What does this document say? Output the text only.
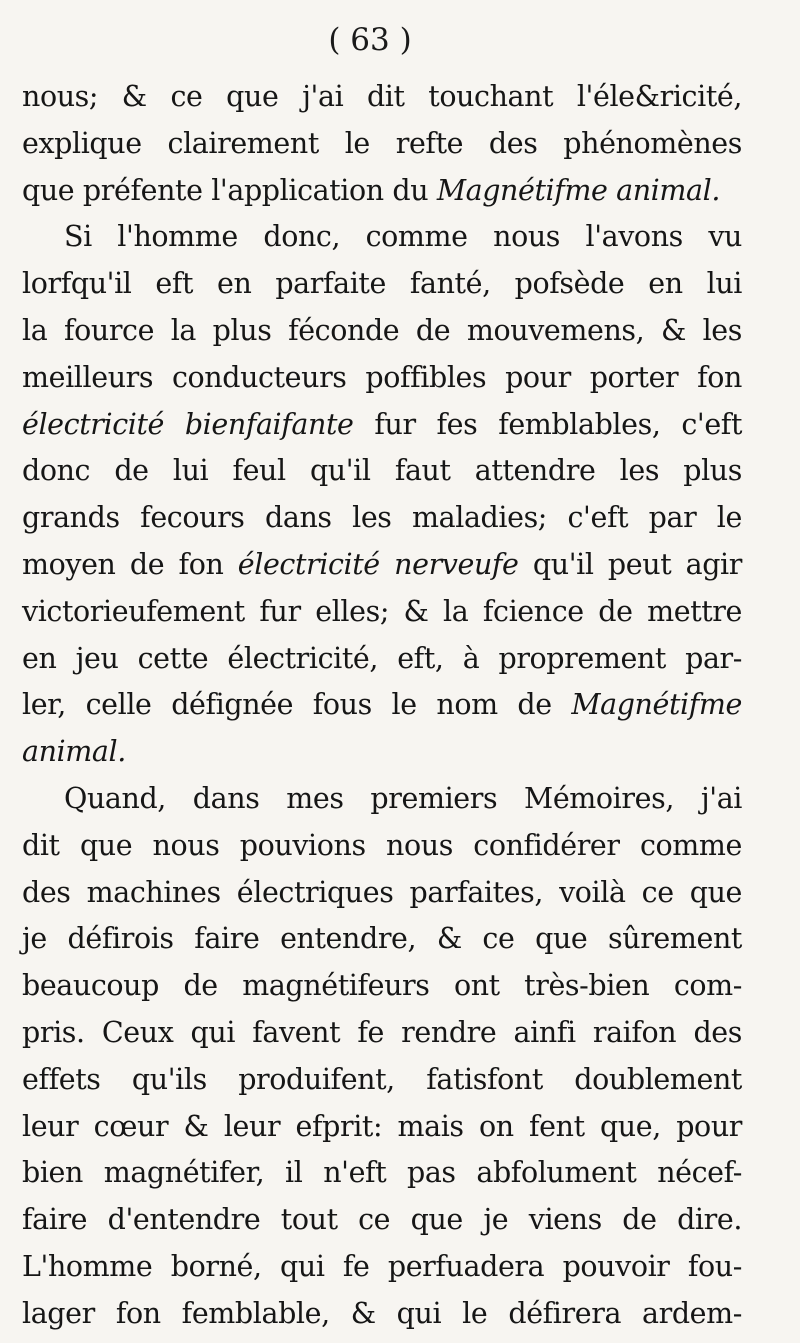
( 63 )
nous; & ce que j'ai dit touchant l'éle&ricité,
explique clairement le refte des phénomènes
que préfente l'application du Magnétifme animal.
Si l'homme donc, comme nous l'avons vu
lorfqu'il eft en parfaite fanté, pofsède en lui
la fource la plus féconde de mouvemens, & les
meilleurs conducteurs poffibles pour porter fon
électricité bienfaifante fur fes femblables, c'eft
donc de lui feul qu'il faut attendre les plus
grands fecours dans les maladies; c'eft par le
moyen de fon électricité nerveufe qu'il peut agir
victorieufement fur elles; & la fcience de mettre
en jeu cette électricité, eft, à proprement par-
ler, celle défignée fous le nom de Magnétifme
animal.
Quand, dans mes premiers Mémoires, j'ai
dit que nous pouvions nous confidérer comme
des machines électriques parfaites, voilà ce que
je défirois faire entendre, & ce que sûrement
beaucoup de magnétifeurs ont très-bien com-
pris. Ceux qui favent fe rendre ainfi raifon des
effets qu'ils produifent, fatisfont doublement
leur cœur & leur efprit: mais on fent que, pour
bien magnétifer, il n'eft pas abfolument nécef-
faire d'entendre tout ce que je viens de dire.
L'homme borné, qui fe perfuadera pouvoir fou-
lager fon femblable, & qui le défirera ardem-
